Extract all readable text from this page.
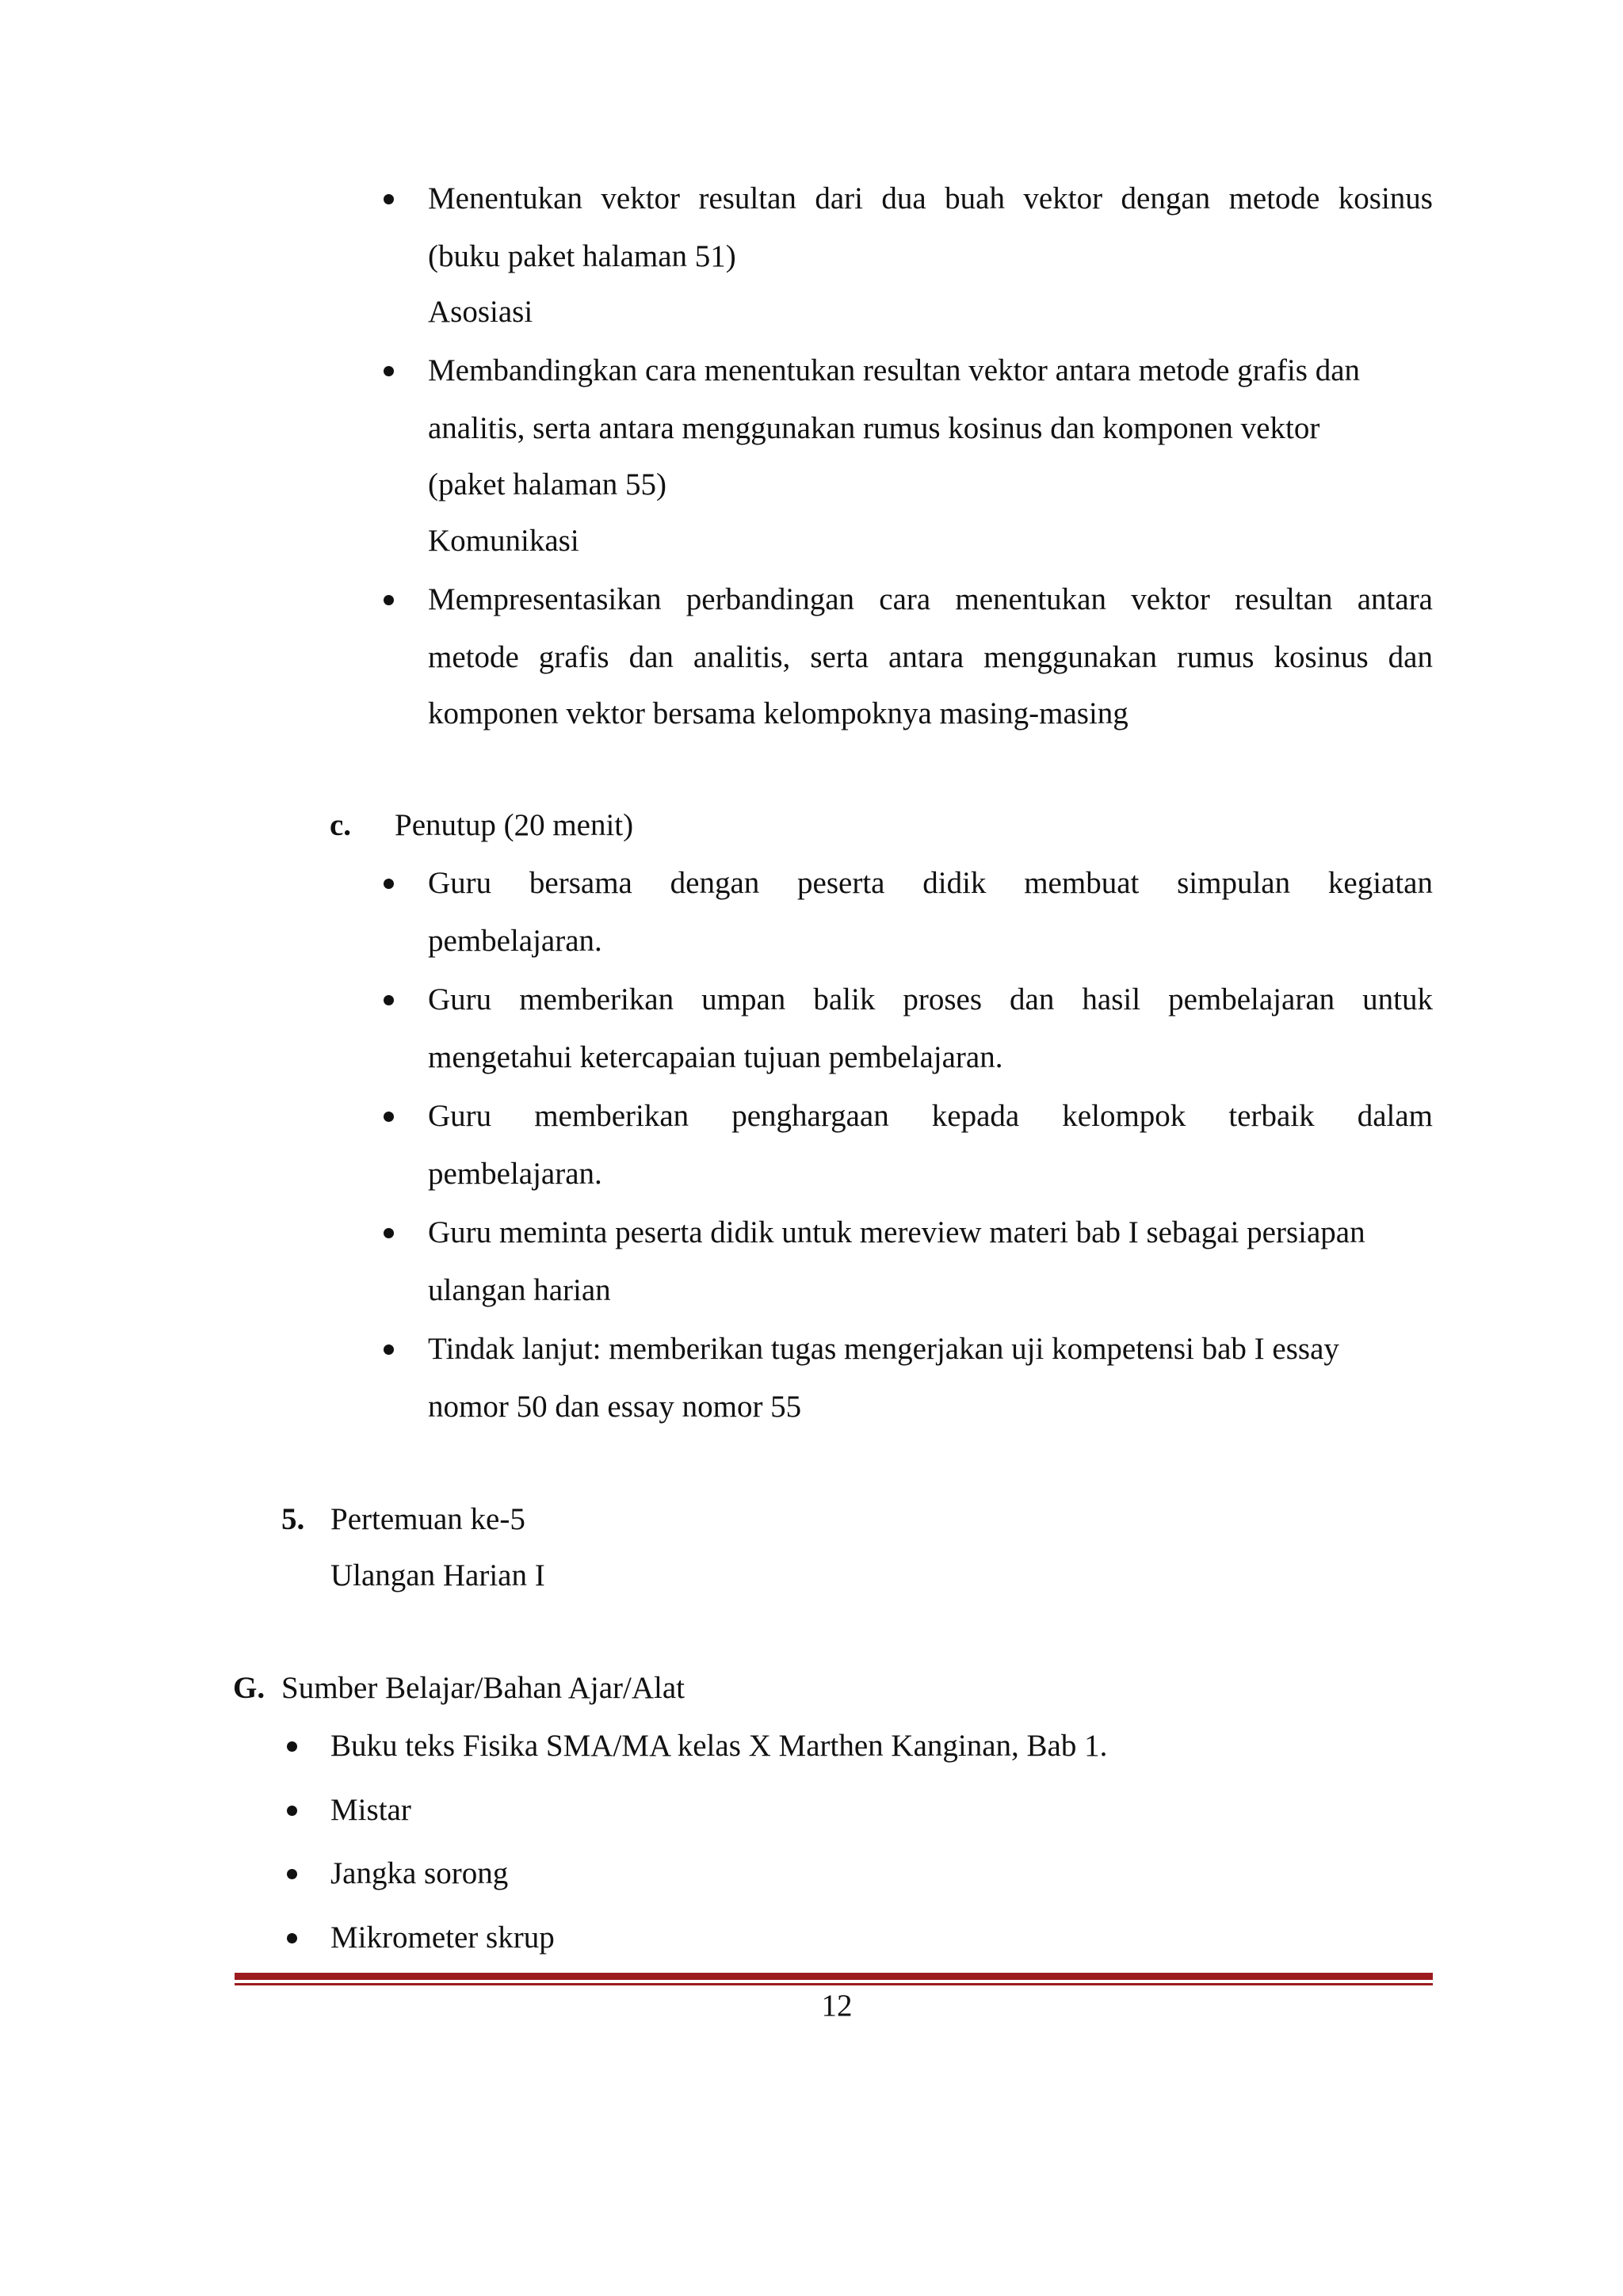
Menentukan vektor resultan dari dua buah vektor dengan metode kosinus
(buku paket halaman 51)
Asosiasi
Membandingkan cara menentukan resultan vektor antara metode grafis dan
analitis, serta antara menggunakan rumus kosinus dan komponen vektor
(paket halaman 55)
Komunikasi
Mempresentasikan perbandingan cara menentukan vektor resultan antara
metode grafis dan analitis, serta antara menggunakan rumus kosinus dan
komponen vektor bersama kelompoknya masing-masing
c. Penutup (20 menit)
Guru bersama dengan peserta didik membuat simpulan kegiatan
pembelajaran.
Guru memberikan umpan balik proses dan hasil pembelajaran untuk
mengetahui ketercapaian tujuan pembelajaran.
Guru memberikan penghargaan kepada kelompok terbaik dalam
pembelajaran.
Guru meminta peserta didik untuk mereview materi bab I sebagai persiapan
ulangan harian
Tindak lanjut: memberikan tugas mengerjakan uji kompetensi bab I essay
nomor 50 dan essay nomor 55
5. Pertemuan ke-5
Ulangan Harian I
G. Sumber Belajar/Bahan Ajar/Alat
Buku teks Fisika SMA/MA kelas X Marthen Kanginan, Bab 1.
Mistar
Jangka sorong
Mikrometer skrup
12
